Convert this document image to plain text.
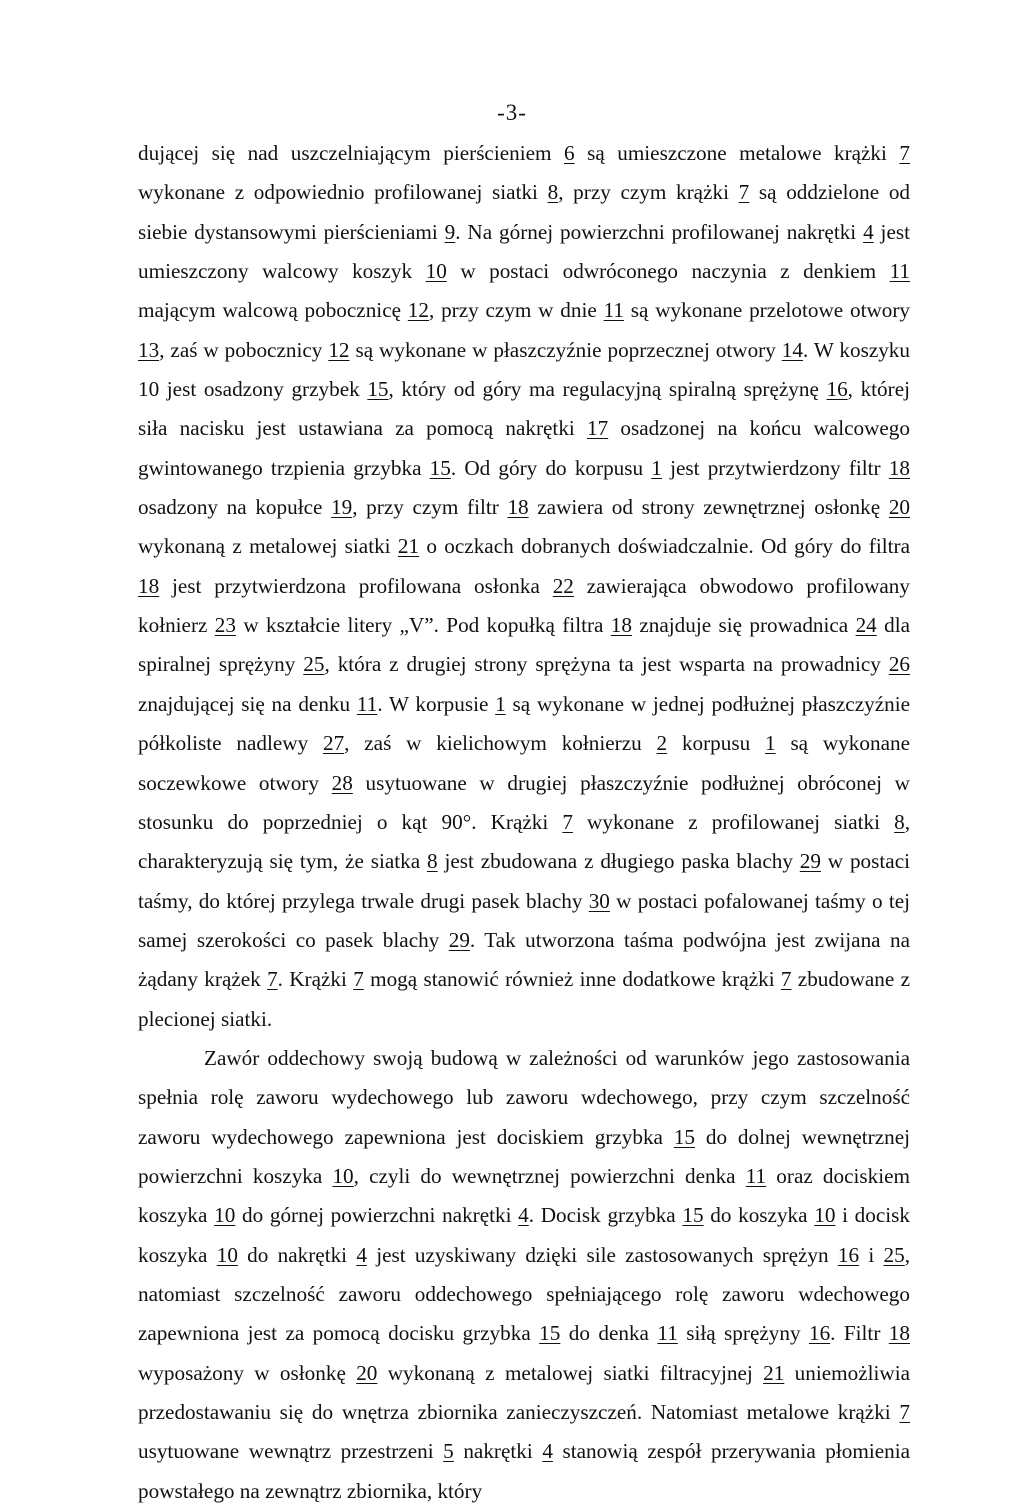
-3-

dującej się nad uszczelniającym pierścieniem 6 są umieszczone metalowe krążki 7 wykonane z odpowiednio profilowanej siatki 8, przy czym krążki 7 są oddzielone od siebie dystansowymi pierścieniami 9. Na górnej powierzchni profilowanej nakrętki 4 jest umieszczony walcowy koszyk 10 w postaci odwróconego naczynia z denkiem 11 mającym walcową pobocznicę 12, przy czym w dnie 11 są wykonane przelotowe otwory 13, zaś w pobocznicy 12 są wykonane w płaszczyźnie poprzecznej otwory 14. W koszyku 10 jest osadzony grzybek 15, który od góry ma regulacyjną spiralną sprężynę 16, której siła nacisku jest ustawiana za pomocą nakrętki 17 osadzonej na końcu walcowego gwintowanego trzpienia grzybka 15. Od góry do korpusu 1 jest przytwierdzony filtr 18 osadzony na kopułce 19, przy czym filtr 18 zawiera od strony zewnętrznej osłonkę 20 wykonaną z metalowej siatki 21 o oczkach dobranych doświadczalnie. Od góry do filtra 18 jest przytwierdzona profilowana osłonka 22 zawierająca obwodowo profilowany kołnierz 23 w kształcie litery „V”. Pod kopułką filtra 18 znajduje się prowadnica 24 dla spiralnej sprężyny 25, która z drugiej strony sprężyna ta jest wsparta na prowadnicy 26 znajdującej się na denku 11. W korpusie 1 są wykonane w jednej podłużnej płaszczyźnie półkoliste nadlewy 27, zaś w kielichowym kołnierzu 2 korpusu 1 są wykonane soczewkowe otwory 28 usytuowane w drugiej płaszczyźnie podłużnej obróconej w stosunku do poprzedniej o kąt 90°. Krążki 7 wykonane z profilowanej siatki 8, charakteryzują się tym, że siatka 8 jest zbudowana z długiego paska blachy 29 w postaci taśmy, do której przylega trwale drugi pasek blachy 30 w postaci pofalowanej taśmy o tej samej szerokości co pasek blachy 29. Tak utworzona taśma podwójna jest zwijana na żądany krążek 7. Krążki 7 mogą stanowić również inne dodatkowe krążki 7 zbudowane z plecionej siatki.

Zawór oddechowy swoją budową w zależności od warunków jego zastosowania spełnia rolę zaworu wydechowego lub zaworu wdechowego, przy czym szczelność zaworu wydechowego zapewniona jest dociskiem grzybka 15 do dolnej wewnętrznej powierzchni koszyka 10, czyli do wewnętrznej powierzchni denka 11 oraz dociskiem koszyka 10 do górnej powierzchni nakrętki 4. Docisk grzybka 15 do koszyka 10 i docisk koszyka 10 do nakrętki 4 jest uzyskiwany dzięki sile zastosowanych sprężyn 16 i 25, natomiast szczelność zaworu oddechowego spełniającego rolę zaworu wdechowego zapewniona jest za pomocą docisku grzybka 15 do denka 11 siłą sprężyny 16. Filtr 18 wyposażony w osłonkę 20 wykonaną z metalowej siatki filtracyjnej 21 uniemożliwia przedostawaniu się do wnętrza zbiornika zanieczyszczeń. Natomiast metalowe krążki 7 usytuowane wewnątrz przestrzeni 5 nakrętki 4 stanowią zespół przerywania płomienia powstałego na zewnątrz zbiornika, który
